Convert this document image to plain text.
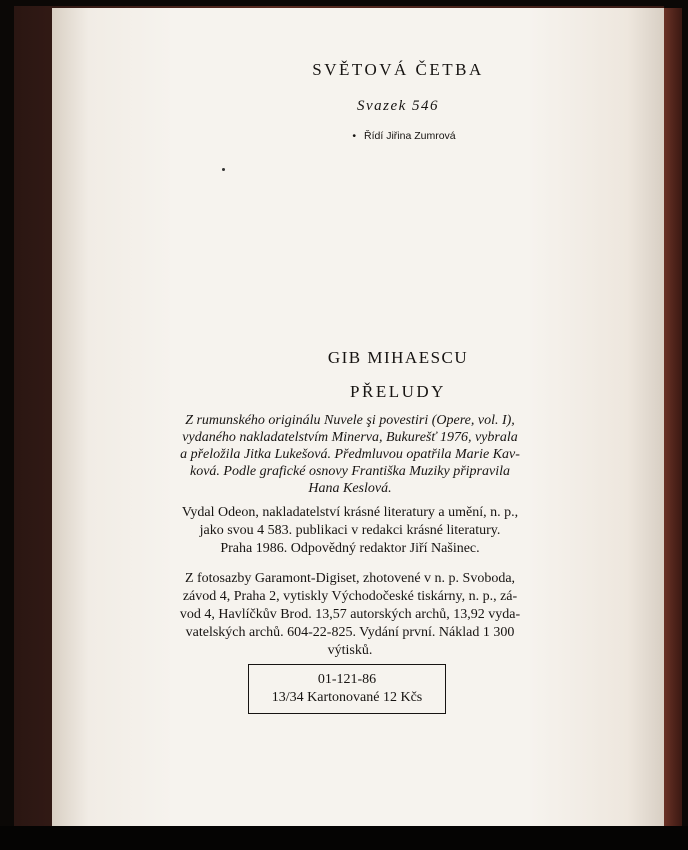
SVĚTOVÁ ČETBA
Svazek 546
• Řídí Jiřina Zumrová
GIB MIHAESCU
PŘELUDY
Z rumunského originálu Nuvele şi povestiri (Opere, vol. I),
vydaného nakladatelstvím Minerva, Bukurešť 1976, vybrala
a přeložila Jitka Lukešová. Předmluvou opatřila Marie Kav-
ková. Podle grafické osnovy Františka Muziky připravila
Hana Keslová.
Vydal Odeon, nakladatelství krásné literatury a umění, n. p.,
jako svou 4 583. publikaci v redakci krásné literatury.
Praha 1986. Odpovědný redaktor Jiří Našinec.
Z fotosazby Garamont-Digiset, zhotovené v n. p. Svoboda,
závod 4, Praha 2, vytiskly Východočeské tiskárny, n. p., zá-
vod 4, Havlíčkův Brod. 13,57 autorských archů, 13,92 vyda-
vatelských archů. 604-22-825. Vydání první. Náklad 1 300
výtisků.
01-121-86
13/34 Kartonované 12 Kčs
